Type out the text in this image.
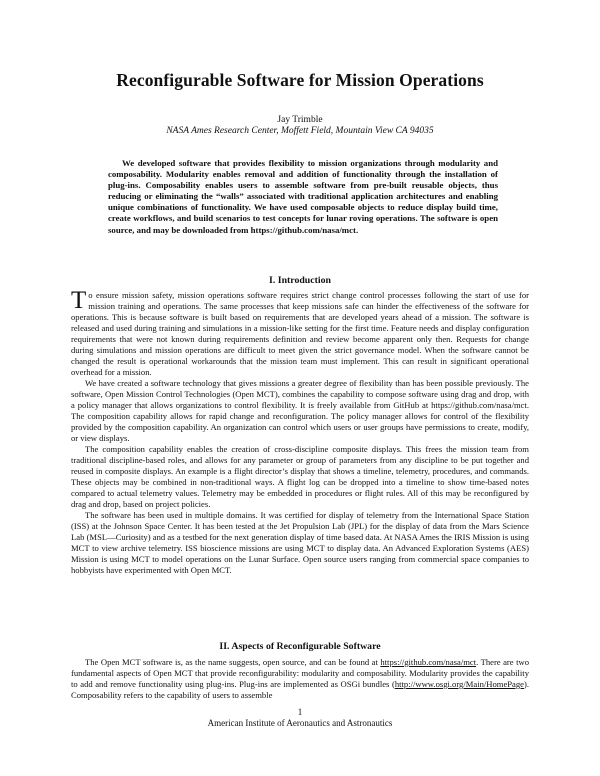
Reconfigurable Software for Mission Operations
Jay Trimble
NASA Ames Research Center, Moffett Field, Mountain View CA 94035
We developed software that provides flexibility to mission organizations through modularity and composability. Modularity enables removal and addition of functionality through the installation of plug-ins. Composability enables users to assemble software from pre-built reusable objects, thus reducing or eliminating the “walls” associated with traditional application architectures and enabling unique combinations of functionality. We have used composable objects to reduce display build time, create workflows, and build scenarios to test concepts for lunar roving operations. The software is open source, and may be downloaded from https://github.com/nasa/mct.
I. Introduction

To ensure mission safety, mission operations software requires strict change control processes following the start of use for mission training and operations. The same processes that keep missions safe can hinder the effectiveness of the software for operations. This is because software is built based on requirements that are developed years ahead of a mission. The software is released and used during training and simulations in a mission-like setting for the first time. Feature needs and display configuration requirements that were not known during requirements definition and review become apparent only then. Requests for change during simulations and mission operations are difficult to meet given the strict governance model. When the software cannot be changed the result is operational workarounds that the mission team must implement. This can result in significant operational overhead for a mission.

We have created a software technology that gives missions a greater degree of flexibility than has been possible previously. The software, Open Mission Control Technologies (Open MCT), combines the capability to compose software using drag and drop, with a policy manager that allows organizations to control flexibility. It is freely available from GitHub at https://github.com/nasa/mct. The composition capability allows for rapid change and reconfiguration. The policy manager allows for control of the flexibility provided by the composition capability. An organization can control which users or user groups have permissions to create, modify, or view displays.

The composition capability enables the creation of cross-discipline composite displays. This frees the mission team from traditional discipline-based roles, and allows for any parameter or group of parameters from any discipline to be put together and reused in composite displays. An example is a flight director’s display that shows a timeline, telemetry, procedures, and commands. These objects may be combined in non-traditional ways. A flight log can be dropped into a timeline to show time-based notes compared to actual telemetry values. Telemetry may be embedded in procedures or flight rules. All of this may be reconfigured by drag and drop, based on project policies.

The software has been used in multiple domains. It was certified for display of telemetry from the International Space Station (ISS) at the Johnson Space Center. It has been tested at the Jet Propulsion Lab (JPL) for the display of data from the Mars Science Lab (MSL—Curiosity) and as a testbed for the next generation display of time based data. At NASA Ames the IRIS Mission is using MCT to view archive telemetry. ISS bioscience missions are using MCT to display data. An Advanced Exploration Systems (AES) Mission is using MCT to model operations on the Lunar Surface. Open source users ranging from commercial space companies to hobbyists have experimented with Open MCT.

II. Aspects of Reconfigurable Software

The Open MCT software is, as the name suggests, open source, and can be found at https://github.com/nasa/mct. There are two fundamental aspects of Open MCT that provide reconfigurability: modularity and composability. Modularity provides the capability to add and remove functionality using plug-ins. Plug-ins are implemented as OSGi bundles (http://www.osgi.org/Main/HomePage). Composability refers to the capability of users to assemble

1
American Institute of Aeronautics and Astronautics
